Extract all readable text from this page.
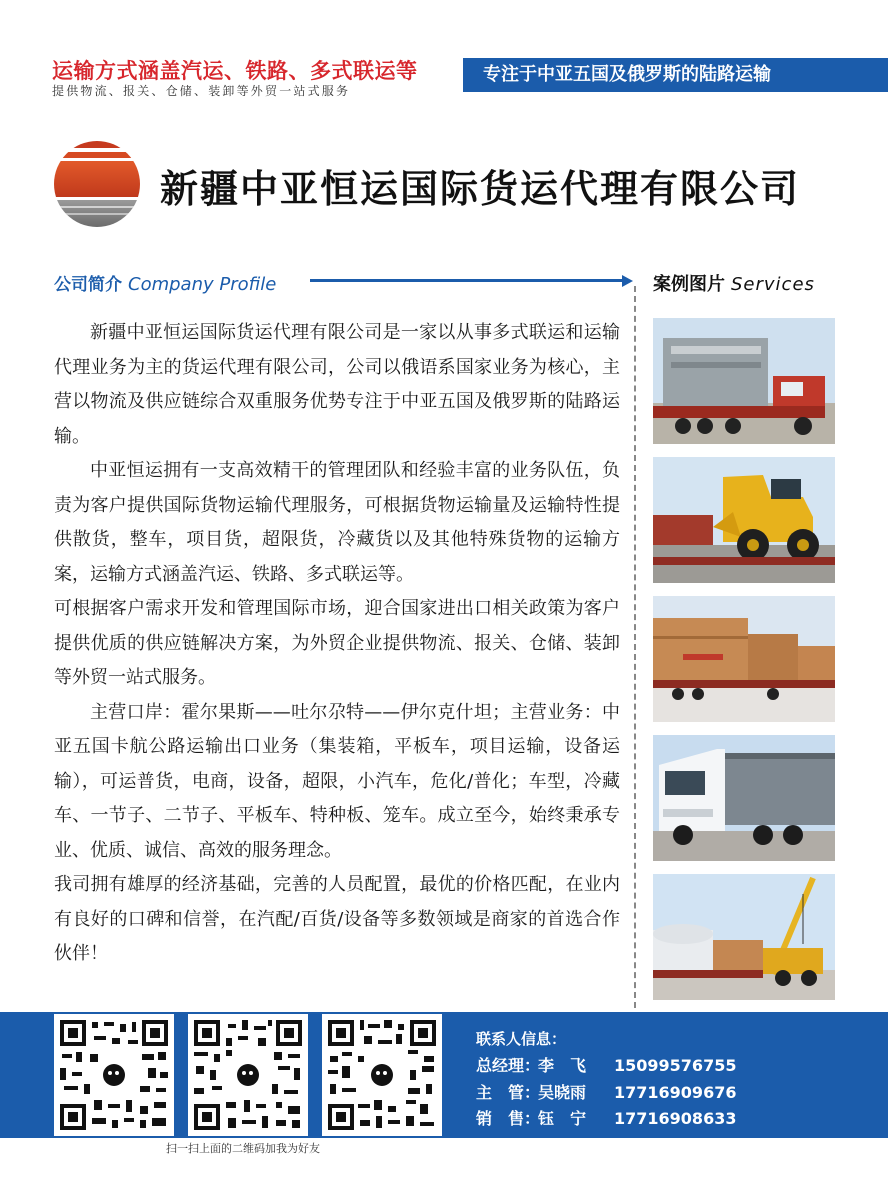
运输方式涵盖汽运、铁路、多式联运等
提供物流、报关、仓储、装卸等外贸一站式服务
专注于中亚五国及俄罗斯的陆路运输
新疆中亚恒运国际货运代理有限公司
公司简介 Company Profile	案例图片 Services

新疆中亚恒运国际货运代理有限公司是一家以从事多式联运和运输代理业务为主的货运代理有限公司，公司以俄语系国家业务为核心，主营以物流及供应链综合双重服务优势专注于中亚五国及俄罗斯的陆路运输。

中亚恒运拥有一支高效精干的管理团队和经验丰富的业务队伍，负责为客户提供国际货物运输代理服务，可根据货物运输量及运输特性提供散货，整车，项目货，超限货，冷藏货以及其他特殊货物的运输方案，运输方式涵盖汽运、铁路、多式联运等。

可根据客户需求开发和管理国际市场，迎合国家进出口相关政策为客户提供优质的供应链解决方案，为外贸企业提供物流、报关、仓储、装卸等外贸一站式服务。

主营口岸：霍尔果斯——吐尔尕特——伊尔克什坦；主营业务：中亚五国卡航公路运输出口业务（集装箱，平板车，项目运输，设备运输），可运普货，电商，设备，超限，小汽车，危化/普化；车型，冷藏车、一节子、二节子、平板车、特种板、笼车。成立至今，始终秉承专业、优质、诚信、高效的服务理念。

我司拥有雄厚的经济基础，完善的人员配置，最优的价格匹配，在业内有良好的口碑和信誉，在汽配/百货/设备等多数领域是商家的首选合作伙伴！

扫一扫上面的二维码加我为好友
联系人信息：
总经理：李　飞 15099576755
主　管：吴晓雨 17716909676
销　售：钰　宁 17716908633
